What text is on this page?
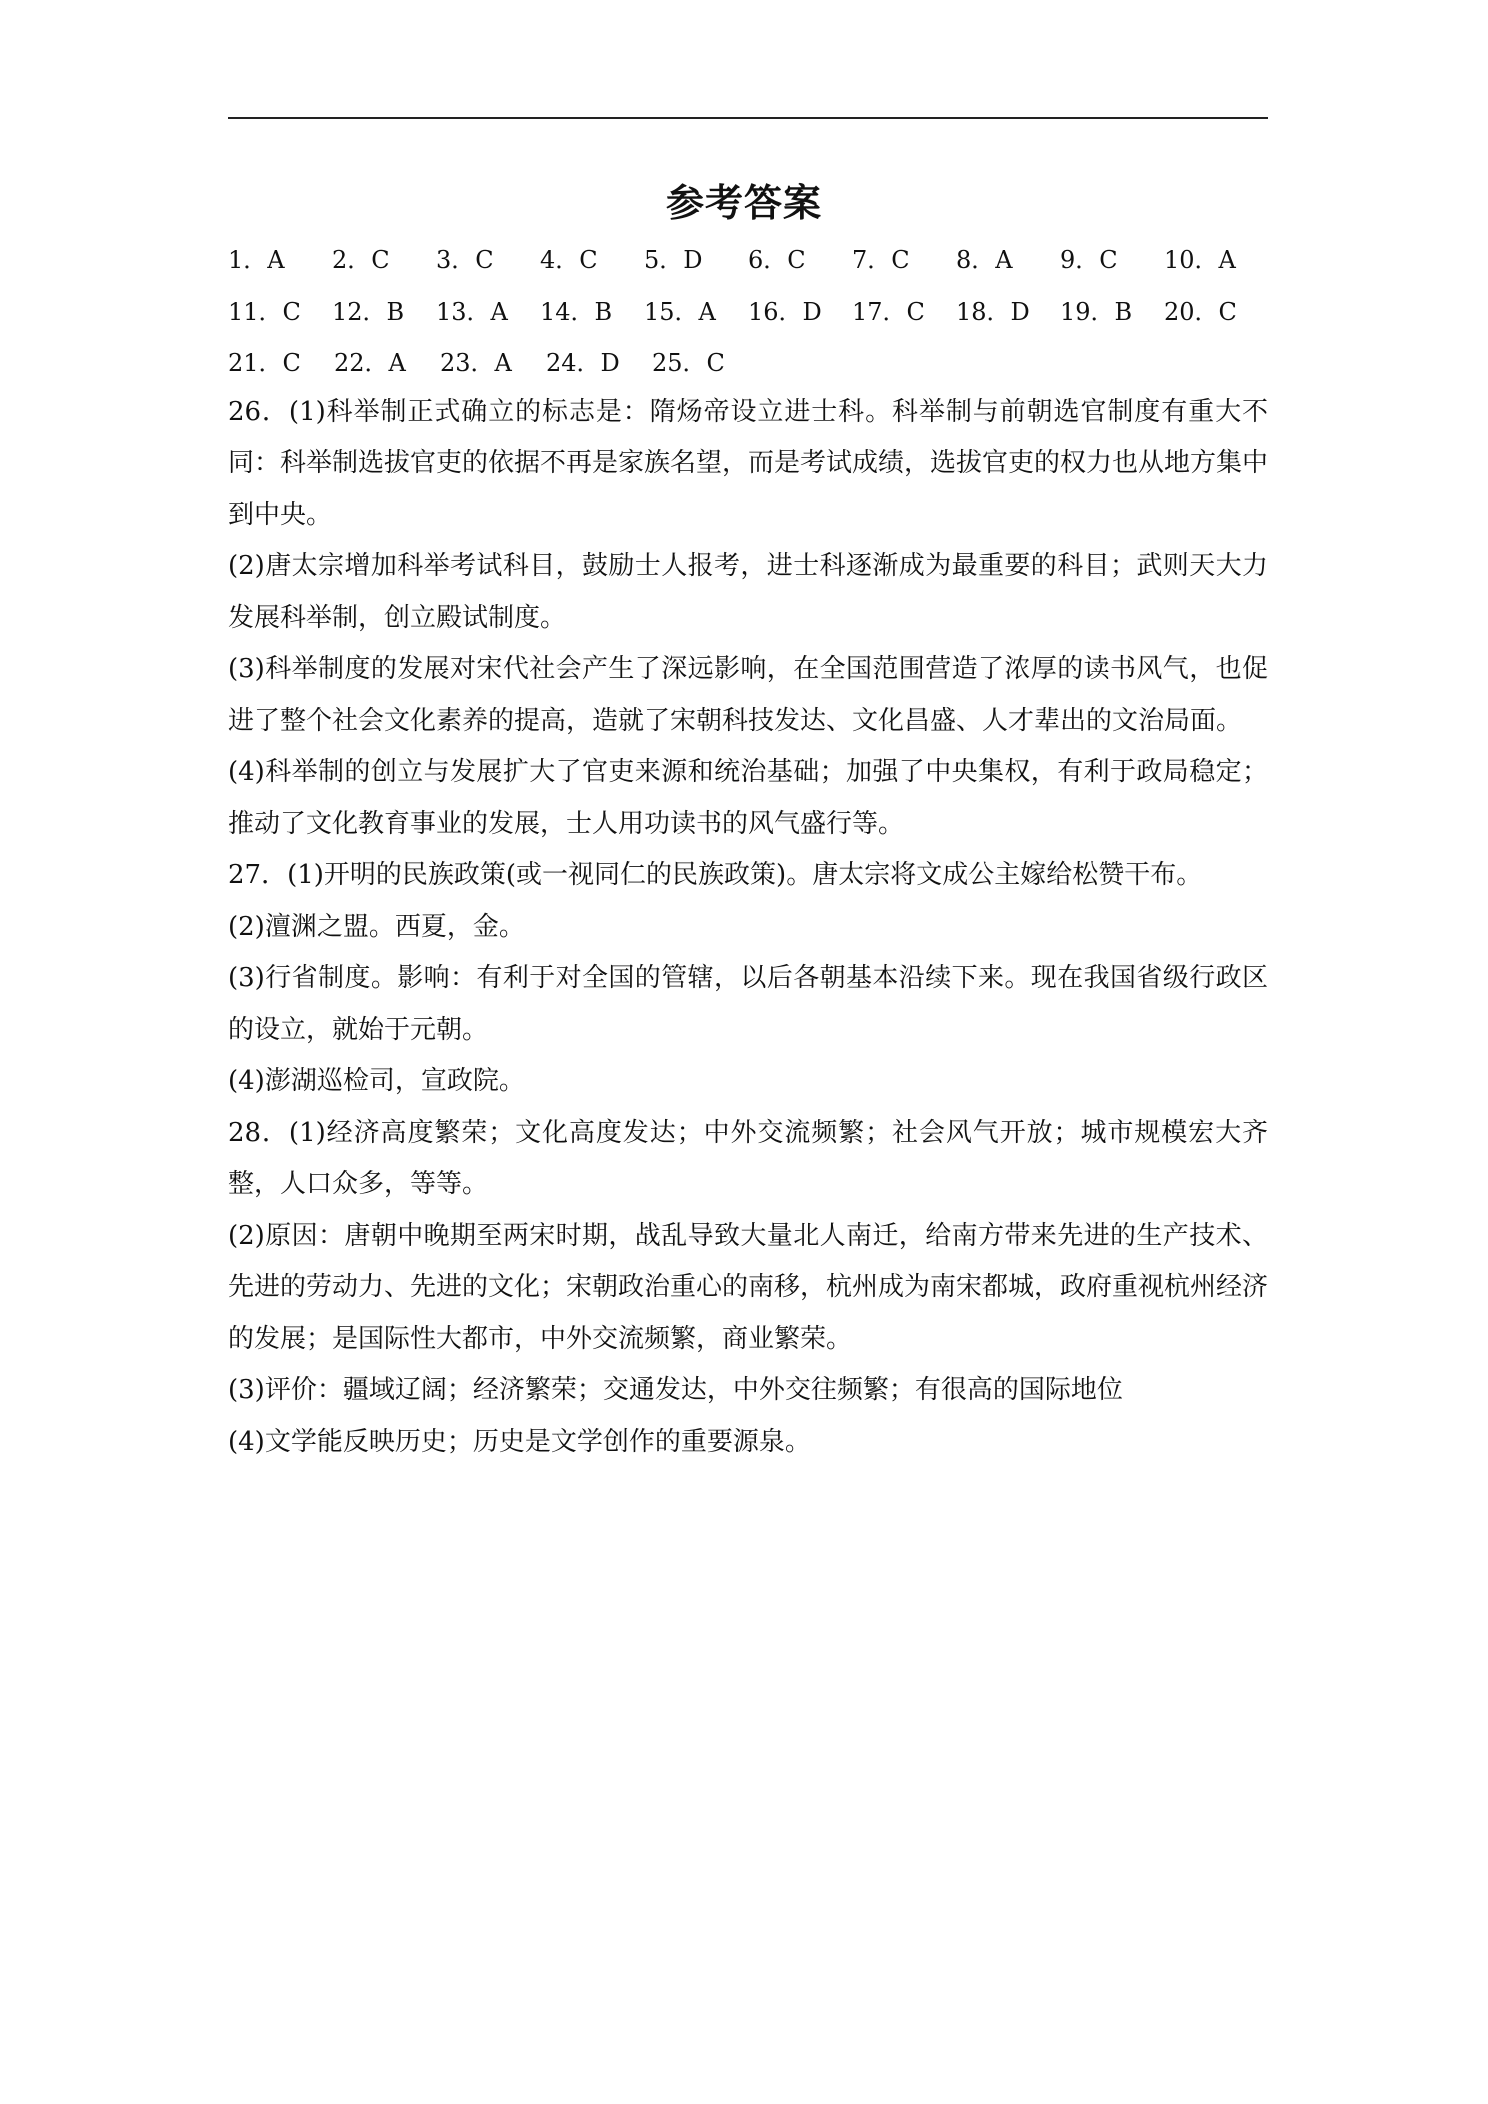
参考答案
1．A	2．C	3．C	4．C	5．D	6．C	7．C	8．A	9．C	10．A
11．C	12．B	13．A	14．B	15．A	16．D	17．C	18．D	19．B	20．C
21．C	22．A	23．A	24．D	25．C

26．(1)科举制正式确立的标志是：隋炀帝设立进士科。科举制与前朝选官制度有重大不同：科举制选拔官吏的依据不再是家族名望，而是考试成绩，选拔官吏的权力也从地方集中到中央。

(2)唐太宗增加科举考试科目，鼓励士人报考，进士科逐渐成为最重要的科目；武则天大力发展科举制，创立殿试制度。

(3)科举制度的发展对宋代社会产生了深远影响，在全国范围营造了浓厚的读书风气，也促进了整个社会文化素养的提高，造就了宋朝科技发达、文化昌盛、人才辈出的文治局面。

(4)科举制的创立与发展扩大了官吏来源和统治基础；加强了中央集权，有利于政局稳定；推动了文化教育事业的发展，士人用功读书的风气盛行等。

27．(1)开明的民族政策(或一视同仁的民族政策)。唐太宗将文成公主嫁给松赞干布。

(2)澶渊之盟。西夏，金。

(3)行省制度。影响：有利于对全国的管辖，以后各朝基本沿续下来。现在我国省级行政区的设立，就始于元朝。

(4)澎湖巡检司，宣政院。

28．(1)经济高度繁荣；文化高度发达；中外交流频繁；社会风气开放；城市规模宏大齐整，人口众多，等等。

(2)原因：唐朝中晚期至两宋时期，战乱导致大量北人南迁，给南方带来先进的生产技术、先进的劳动力、先进的文化；宋朝政治重心的南移，杭州成为南宋都城，政府重视杭州经济的发展；是国际性大都市，中外交流频繁，商业繁荣。

(3)评价：疆域辽阔；经济繁荣；交通发达，中外交往频繁；有很高的国际地位

(4)文学能反映历史；历史是文学创作的重要源泉。
